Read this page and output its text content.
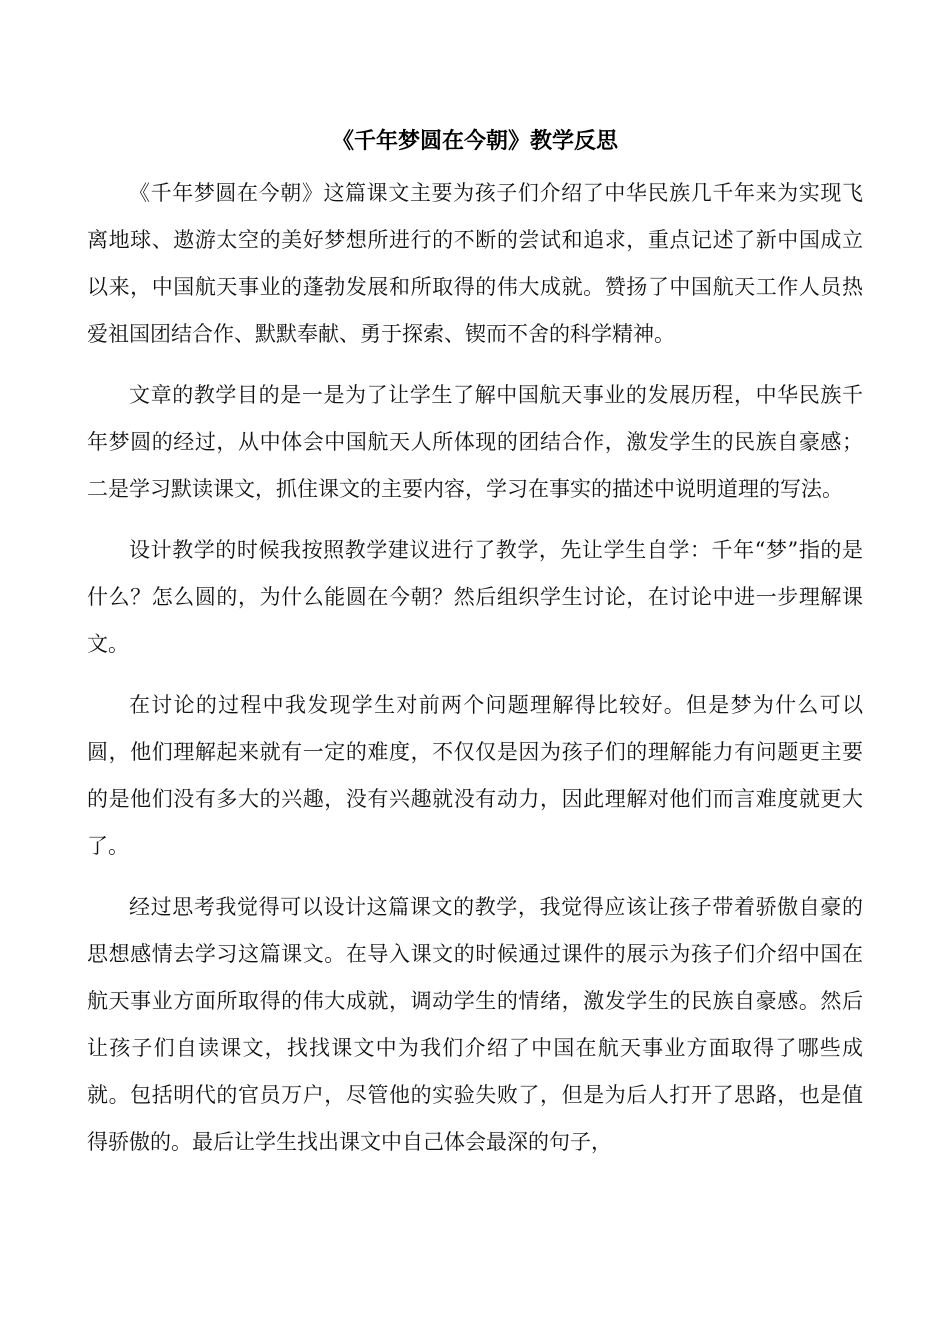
《千年梦圆在今朝》教学反思

《千年梦圆在今朝》这篇课文主要为孩子们介绍了中华民族几千年来为实现飞离地球、遨游太空的美好梦想所进行的不断的尝试和追求，重点记述了新中国成立以来，中国航天事业的蓬勃发展和所取得的伟大成就。赞扬了中国航天工作人员热爱祖国团结合作、默默奉献、勇于探索、锲而不舍的科学精神。

文章的教学目的是一是为了让学生了解中国航天事业的发展历程，中华民族千年梦圆的经过，从中体会中国航天人所体现的团结合作，激发学生的民族自豪感；二是学习默读课文，抓住课文的主要内容，学习在事实的描述中说明道理的写法。

设计教学的时候我按照教学建议进行了教学，先让学生自学：千年“梦”指的是什么？怎么圆的，为什么能圆在今朝？然后组织学生讨论，在讨论中进一步理解课文。

在讨论的过程中我发现学生对前两个问题理解得比较好。但是梦为什么可以圆，他们理解起来就有一定的难度，不仅仅是因为孩子们的理解能力有问题更主要的是他们没有多大的兴趣，没有兴趣就没有动力，因此理解对他们而言难度就更大了。

经过思考我觉得可以设计这篇课文的教学，我觉得应该让孩子带着骄傲自豪的思想感情去学习这篇课文。在导入课文的时候通过课件的展示为孩子们介绍中国在航天事业方面所取得的伟大成就，调动学生的情绪，激发学生的民族自豪感。然后让孩子们自读课文，找找课文中为我们介绍了中国在航天事业方面取得了哪些成就。包括明代的官员万户，尽管他的实验失败了，但是为后人打开了思路，也是值得骄傲的。最后让学生找出课文中自己体会最深的句子，
